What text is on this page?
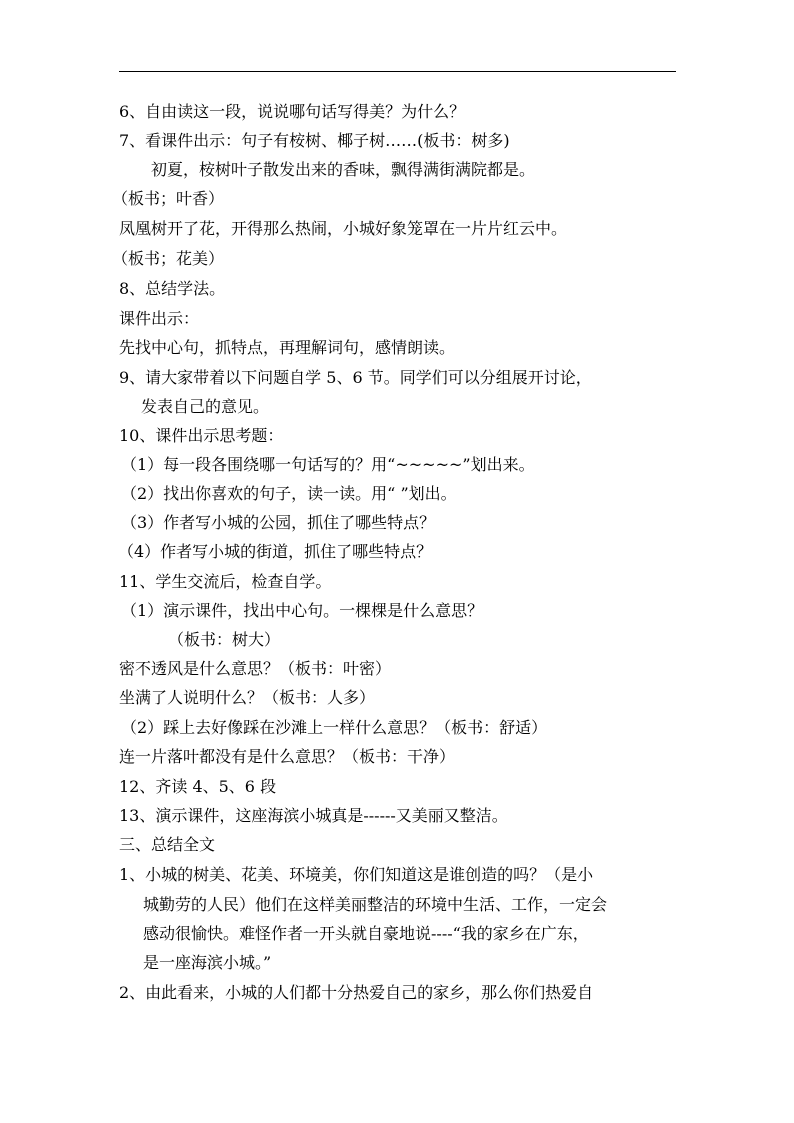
6、自由读这一段，说说哪句话写得美？为什么？
7、看课件出示：句子有桉树、椰子树……(板书：树多)
初夏，桉树叶子散发出来的香味，飘得满街满院都是。
（板书；叶香）
凤凰树开了花，开得那么热闹，小城好象笼罩在一片片红云中。
（板书；花美）
8、总结学法。
课件出示：
先找中心句，抓特点，再理解词句，感情朗读。
9、请大家带着以下问题自学 5、6 节。同学们可以分组展开讨论，
发表自己的意见。
10、课件出示思考题：
（1）每一段各围绕哪一句话写的？用“~~~~~”划出来。
（2）找出你喜欢的句子，读一读。用“ ”划出。
（3）作者写小城的公园，抓住了哪些特点？
（4）作者写小城的街道，抓住了哪些特点？
11、学生交流后，检查自学。
（1）演示课件，找出中心句。一棵棵是什么意思？
（板书：树大）
密不透风是什么意思？（板书：叶密）
坐满了人说明什么？（板书：人多）
（2）踩上去好像踩在沙滩上一样什么意思？（板书：舒适）
连一片落叶都没有是什么意思？（板书：干净）
12、齐读 4、5、6 段
13、演示课件，这座海滨小城真是------又美丽又整洁。
三、总结全文
1、小城的树美、花美、环境美，你们知道这是谁创造的吗？（是小
城勤劳的人民）他们在这样美丽整洁的环境中生活、工作，一定会
感动很愉快。难怪作者一开头就自豪地说----“我的家乡在广东，
是一座海滨小城。”
2、由此看来，小城的人们都十分热爱自己的家乡，那么你们热爱自
